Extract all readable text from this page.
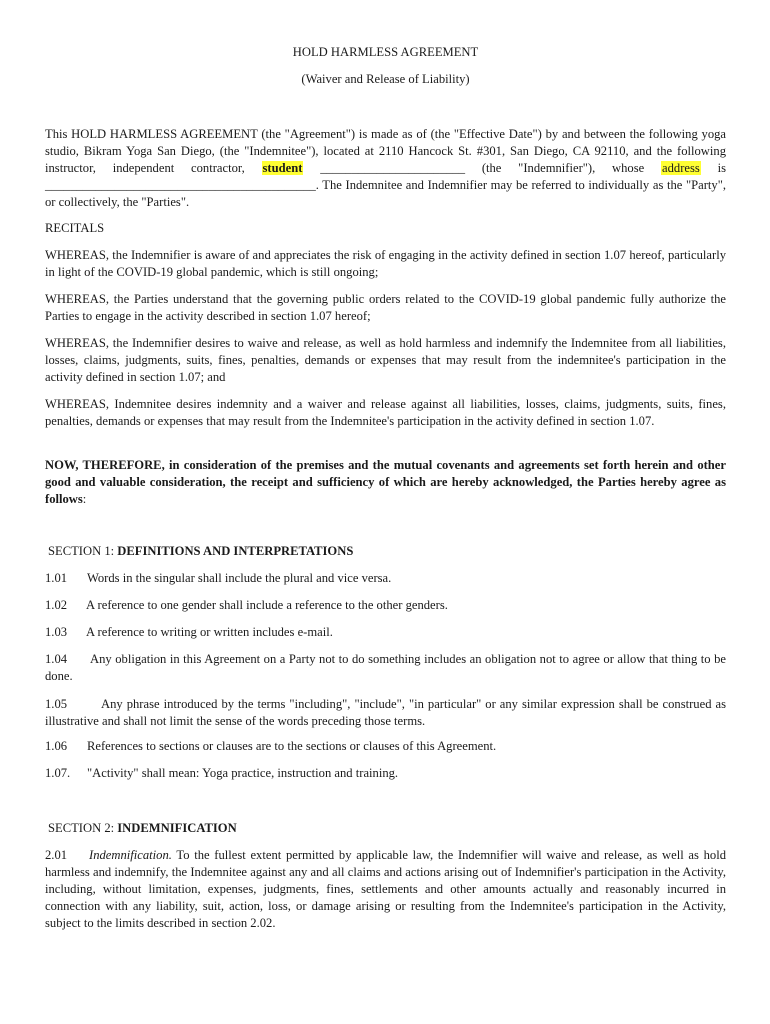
HOLD HARMLESS AGREEMENT
(Waiver and Release of Liability)

This HOLD HARMLESS AGREEMENT (the "Agreement") is made as of (the "Effective Date") by and between the following yoga studio, Bikram Yoga San Diego, (the "Indemnitee"), located at 2110 Hancock St. #301, San Diego, CA 92110, and the following instructor, independent contractor, student _______________________ (the "Indemnifier"), whose address is ___________________________________________. The Indemnitee and Indemnifier may be referred to individually as the "Party", or collectively, the "Parties".

RECITALS

WHEREAS, the Indemnifier is aware of and appreciates the risk of engaging in the activity defined in section 1.07 hereof, particularly in light of the COVID-19 global pandemic, which is still ongoing;

WHEREAS, the Parties understand that the governing public orders related to the COVID-19 global pandemic fully authorize the Parties to engage in the activity described in section 1.07 hereof;

WHEREAS, the Indemnifier desires to waive and release, as well as hold harmless and indemnify the Indemnitee from all liabilities, losses, claims, judgments, suits, fines, penalties, demands or expenses that may result from the indemnitee's participation in the activity defined in section 1.07; and

WHEREAS, Indemnitee desires indemnity and a waiver and release against all liabilities, losses, claims, judgments, suits, fines, penalties, demands or expenses that may result from the Indemnitee's participation in the activity defined in section 1.07.

NOW, THEREFORE, in consideration of the premises and the mutual covenants and agreements set forth herein and other good and valuable consideration, the receipt and sufficiency of which are hereby acknowledged, the Parties hereby agree as follows:

SECTION 1: DEFINITIONS AND INTERPRETATIONS
1.01 Words in the singular shall include the plural and vice versa.
1.02 A reference to one gender shall include a reference to the other genders.
1.03 A reference to writing or written includes e-mail.
1.04 Any obligation in this Agreement on a Party not to do something includes an obligation not to agree or allow that thing to be done.
1.05	Any phrase introduced by the terms "including", "include", "in particular" or any similar expression shall be construed as illustrative and shall not limit the sense of the words preceding those terms.
1.06 References to sections or clauses are to the sections or clauses of this Agreement.
1.07. "Activity" shall mean: Yoga practice, instruction and training.
SECTION 2: INDEMNIFICATION

2.01 Indemnification. To the fullest extent permitted by applicable law, the Indemnifier will waive and release, as well as hold harmless and indemnify, the Indemnitee against any and all claims and actions arising out of Indemnifier's participation in the Activity, including, without limitation, expenses, judgments, fines, settlements and other amounts actually and reasonably incurred in connection with any liability, suit, action, loss, or damage arising or resulting from the Indemnitee's participation in the Activity, subject to the limits described in section 2.02.
